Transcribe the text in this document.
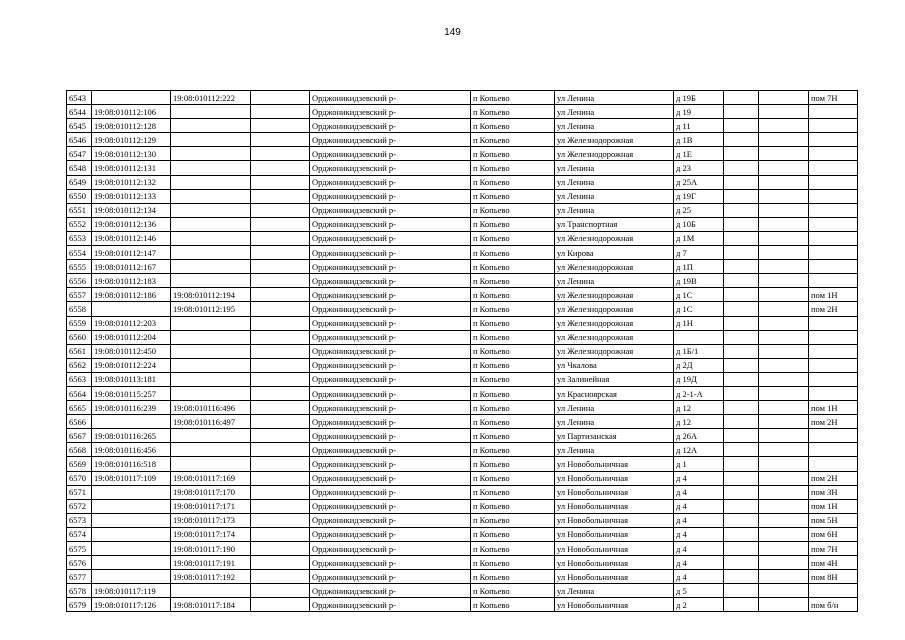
149
6543		19:08:010112:222		Орджоникидзевский р-	п Копьево	ул Ленина	д 19Б			пом 7Н
6544	19:08:010112:106			Орджоникидзевский р-	п Копьево	ул Ленина	д 19			
6545	19:08:010112:128			Орджоникидзевский р-	п Копьево	ул Ленина	д 11			
6546	19:08:010112:129			Орджоникидзевский р-	п Копьево	ул Железнодорожная	д 1В			
6547	19:08:010112:130			Орджоникидзевский р-	п Копьево	ул Железнодорожная	д 1Е			
6548	19:08:010112:131			Орджоникидзевский р-	п Копьево	ул Ленина	д 23			
6549	19:08:010112:132			Орджоникидзевский р-	п Копьево	ул Ленина	д 25А			
6550	19:08:010112:133			Орджоникидзевский р-	п Копьево	ул Ленина	д 19Г			
6551	19:08:010112:134			Орджоникидзевский р-	п Копьево	ул Ленина	д 25			
6552	19:08:010112:136			Орджоникидзевский р-	п Копьево	ул Транспортная	д 10Б			
6553	19:08:010112:146			Орджоникидзевский р-	п Копьево	ул Железнодорожная	д 1М			
6554	19:08:010112:147			Орджоникидзевский р-	п Копьево	ул Кирова	д 7			
6555	19:08:010112:167			Орджоникидзевский р-	п Копьево	ул Железнодорожная	д 1П			
6556	19:08:010112:183			Орджоникидзевский р-	п Копьево	ул Ленина	д 19В			
6557	19:08:010112:186	19:08:010112:194		Орджоникидзевский р-	п Копьево	ул Железнодорожная	д 1С			пом 1Н
6558		19:08:010112:195		Орджоникидзевский р-	п Копьево	ул Железнодорожная	д 1С			пом 2Н
6559	19:08:010112:203			Орджоникидзевский р-	п Копьево	ул Железнодорожная	д 1Н			
6560	19:08:010112:204			Орджоникидзевский р-	п Копьево	ул Железнодорожная				
6561	19:08:010112:450			Орджоникидзевский р-	п Копьево	ул Железнодорожная	д 1Б/1			
6562	19:08:010112:224			Орджоникидзевский р-	п Копьево	ул Чкалова	д 2Д			
6563	19:08:010113:181			Орджоникидзевский р-	п Копьево	ул Залинейная	д 19Д			
6564	19:08:010115:257			Орджоникидзевский р-	п Копьево	ул Красноярская	д 2-1-А			
6565	19:08:010116:239	19:08:010116:496		Орджоникидзевский р-	п Копьево	ул Ленина	д 12			пом 1Н
6566		19:08:010116:497		Орджоникидзевский р-	п Копьево	ул Ленина	д 12			пом 2Н
6567	19:08:010116:265			Орджоникидзевский р-	п Копьево	ул Партизанская	д 26А			
6568	19:08:010116:456			Орджоникидзевский р-	п Копьево	ул Ленина	д 12А			
6569	19:08:010116:518			Орджоникидзевский р-	п Копьево	ул Новобольничная	д 1			
6570	19:08:010117:109	19:08:010117:169		Орджоникидзевский р-	п Копьево	ул Новобольничная	д 4			пом 2Н
6571		19:08:010117:170		Орджоникидзевский р-	п Копьево	ул Новобольничная	д 4			пом 3Н
6572		19:08:010117:171		Орджоникидзевский р-	п Копьево	ул Новобольничная	д 4			пом 1Н
6573		19:08:010117:173		Орджоникидзевский р-	п Копьево	ул Новобольничная	д 4			пом 5Н
6574		19:08:010117:174		Орджоникидзевский р-	п Копьево	ул Новобольничная	д 4			пом 6Н
6575		19:08:010117:190		Орджоникидзевский р-	п Копьево	ул Новобольничная	д 4			пом 7Н
6576		19:08:010117:191		Орджоникидзевский р-	п Копьево	ул Новобольничная	д 4			пом 4Н
6577		19:08:010117:192		Орджоникидзевский р-	п Копьево	ул Новобольничная	д 4			пом 8Н
6578	19:08:010117:119			Орджоникидзевский р-	п Копьево	ул Ленина	д 5			
6579	19:08:010117:126	19:08:010117:184		Орджоникидзевский р-	п Копьево	ул Новобольничная	д 2			пом б/н
